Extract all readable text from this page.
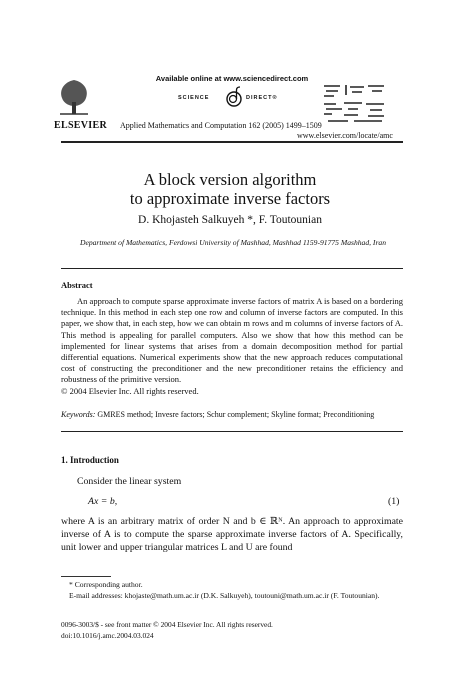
ELSEVIER
Available online at www.sciencedirect.com
SCIENCE	DIRECT®
Applied Mathematics and Computation 162 (2005) 1499–1509
www.elsevier.com/locate/amc
A block version algorithm
to approximate inverse factors
D. Khojasteh Salkuyeh *, F. Toutounian
Department of Mathematics, Ferdowsi University of Mashhad, Mashhad 1159-91775 Mashhad, Iran
Abstract
An approach to compute sparse approximate inverse factors of matrix A is based on a bordering technique. In this method in each step one row and column of inverse factors are computed. In this paper, we show that, in each step, how we can obtain m rows and m columns of inverse factors of A. This method is appealing for parallel computers. Also we show that how this method can be implemented for linear systems that arises from a domain decomposition method for partial differential equations. Numerical experiments show that the new approach reduces computational cost of constructing the preconditioner and the new preconditioner retains the efficiency and robustness of the primitive version.
© 2004 Elsevier Inc. All rights reserved.
Keywords: GMRES method; Invesre factors; Schur complement; Skyline format; Preconditioning
1. Introduction
Consider the linear system
Ax = b,	(1)
where A is an arbitrary matrix of order N and b ∈ ℝᴺ. An approach to approximate inverse of A is to compute the sparse approximate inverse factors of A. Specifically, unit lower and upper triangular matrices L and U are found
* Corresponding author.
E-mail addresses: khojaste@math.um.ac.ir (D.K. Salkuyeh), toutouni@math.um.ac.ir (F. Toutounian).
0096-3003/$ - see front matter © 2004 Elsevier Inc. All rights reserved.
doi:10.1016/j.amc.2004.03.024
